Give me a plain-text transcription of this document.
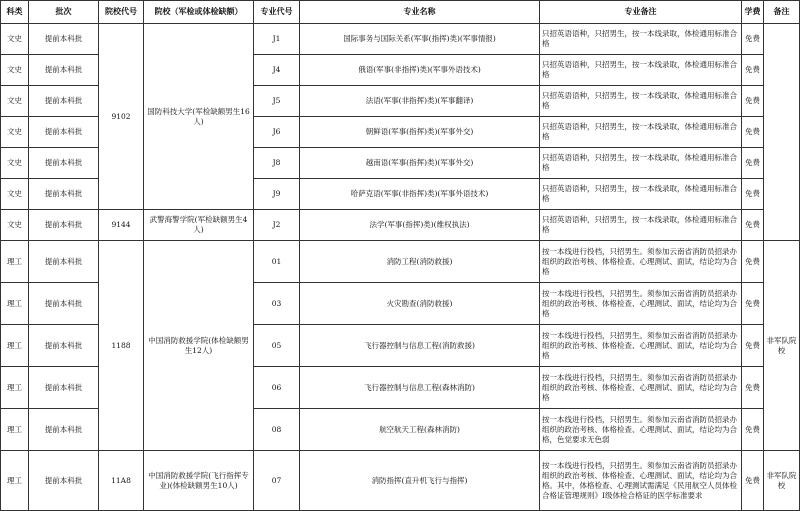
科类	批次	院校代号	院校（军检或体检缺额）	专业代号	专业名称	专业备注	学费	备注
文史	提前本科批	9102	国防科技大学(军检缺额男生16人)	J1	国际事务与国际关系(军事(指挥)类)(军事情报)	只招英语语种，只招男生，按一本线录取，体检通用标准合格	免费	
文史	提前本科批			J4	俄语(军事(非指挥)类)(军事外语技术)	只招英语语种，只招男生，按一本线录取，体检通用标准合格	免费	
文史	提前本科批			J5	法语(军事(非指挥)类)(军事翻译)	只招英语语种，只招男生，按一本线录取，体检通用标准合格	免费	
文史	提前本科批			J6	朝鲜语(军事(指挥)类)(军事外交)	只招英语语种，只招男生，按一本线录取，体检通用标准合格	免费	
文史	提前本科批			J8	越南语(军事(指挥)类)(军事外交)	只招英语语种，只招男生，按一本线录取，体检通用标准合格	免费	
文史	提前本科批			J9	哈萨克语(军事(非指挥)类)(军事外语技术)	只招英语语种，只招男生，按一本线录取，体检通用标准合格	免费	
文史	提前本科批	9144	武警海警学院(军检缺额男生4人)	J2	法学(军事(指挥)类)(维权执法)	只招英语语种，只招男生，按一本线录取，体检通用标准合格	免费	
理工	提前本科批	1188	中国消防救援学院(体检缺额男生12人)	01	消防工程(消防救援)	按一本线进行投档，只招男生。须参加云南省消防员招录办组织的政治考核、体格检查、心理测试、面试，结论均为合格	免费	非军队院校
理工	提前本科批			03	火灾勘查(消防救援)	按一本线进行投档，只招男生。须参加云南省消防员招录办组织的政治考核、体格检查、心理测试、面试，结论均为合格	免费	
理工	提前本科批			05	飞行器控制与信息工程(消防救援)	按一本线进行投档，只招男生。须参加云南省消防员招录办组织的政治考核、体格检查、心理测试、面试，结论均为合格	免费	
理工	提前本科批			06	飞行器控制与信息工程(森林消防)	按一本线进行投档，只招男生。须参加云南省消防员招录办组织的政治考核、体格检查、心理测试、面试，结论均为合格	免费	
理工	提前本科批			08	航空航天工程(森林消防)	按一本线进行投档，只招男生。须参加云南省消防员招录办组织的政治考核、体格检查、心理测试、面试，结论均为合格，色觉要求无色弱	免费	
理工	提前本科批	11A8	中国消防救援学院(飞行指挥专业)(体检缺额男生10人)	07	消防指挥(直升机飞行与指挥)	按一本线进行投档，只招男生。须参加云南省消防员招录办组织的政治考核、体格检查、心理测试、面试，结论均为合格。其中，体格检查、心理测试需满足《民用航空人员体检合格证管理规则》Ⅰ级体检合格证的医学标准要求	免费	非军队院校
